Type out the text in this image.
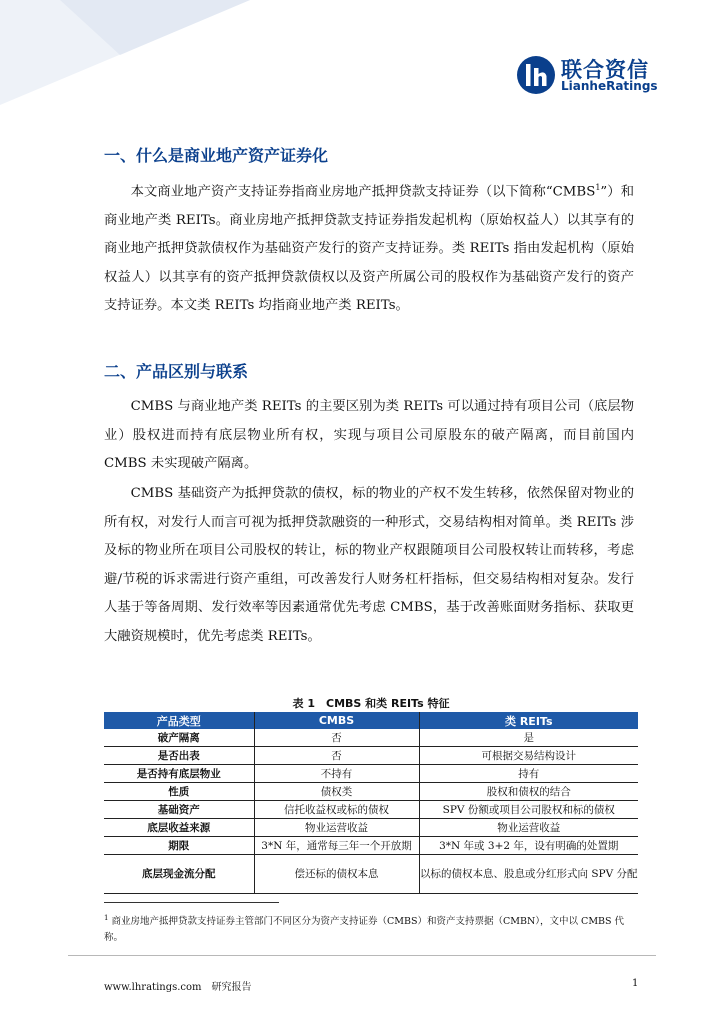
联合资信
LianheRatings
一、什么是商业地产资产证券化

本文商业地产资产支持证券指商业房地产抵押贷款支持证券（以下简称“CMBS$^1$”）和商业地产类 REITs。商业房地产抵押贷款支持证券指发起机构（原始权益人）以其享有的商业地产抵押贷款债权作为基础资产发行的资产支持证券。类 REITs 指由发起机构（原始权益人）以其享有的资产抵押贷款债权以及资产所属公司的股权作为基础资产发行的资产支持证券。本文类 REITs 均指商业地产类 REITs。

二、产品区别与联系

CMBS 与商业地产类 REITs 的主要区别为类 REITs 可以通过持有项目公司（底层物业）股权进而持有底层物业所有权，实现与项目公司原股东的破产隔离，而目前国内 CMBS 未实现破产隔离。

CMBS 基础资产为抵押贷款的债权，标的物业的产权不发生转移，依然保留对物业的所有权，对发行人而言可视为抵押贷款融资的一种形式，交易结构相对简单。类 REITs 涉及标的物业所在项目公司股权的转让，标的物业产权跟随项目公司股权转让而转移，考虑避/节税的诉求需进行资产重组，可改善发行人财务杠杆指标，但交易结构相对复杂。发行人基于等备周期、发行效率等因素通常优先考虑 CMBS，基于改善账面财务指标、获取更大融资规模时，优先考虑类 REITs。

表 1　CMBS 和类 REITs 特征
产品类型	CMBS	类 REITs
破产隔离	否	是
是否出表	否	可根据交易结构设计
是否持有底层物业	不持有	持有
性质	债权类	股权和债权的结合
基础资产	信托收益权或标的债权	SPV 份额或项目公司股权和标的债权
底层收益来源	物业运营收益	物业运营收益
期限	3*N 年，通常每三年一个开放期	3*N 年或 3+2 年，设有明确的处置期
底层现金流分配	偿还标的债权本息	以标的债权本息、股息或分红形式向 SPV 分配

$^1$ 商业房地产抵押贷款支持证券主管部门不同区分为资产支持证券（CMBS）和资产支持票据（CMBN），文中以 CMBS 代称。

www.lhratings.com　研究报告	1
